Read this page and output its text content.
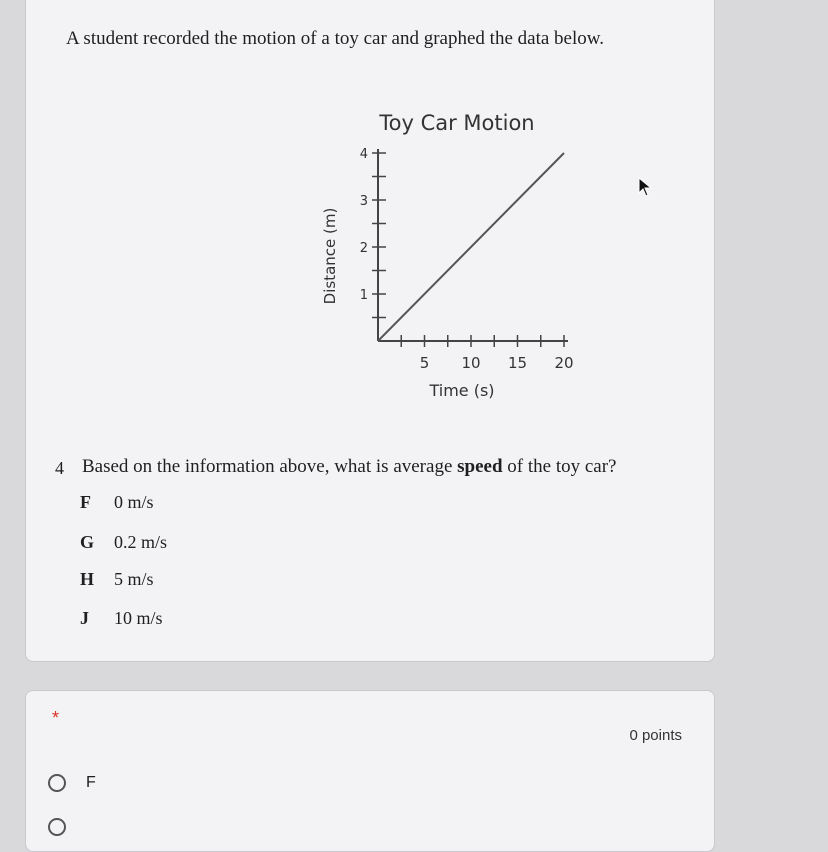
A student recorded the motion of a toy car and graphed the data below.
Toy Car Motion
5 10 15 20
1
2
3
4
Time (s)
Distance (m)
4 Based on the information above, what is average speed of the toy car?
F	0 m/s
G	0.2 m/s
H	5 m/s
J	10 m/s
*
0 points
F
